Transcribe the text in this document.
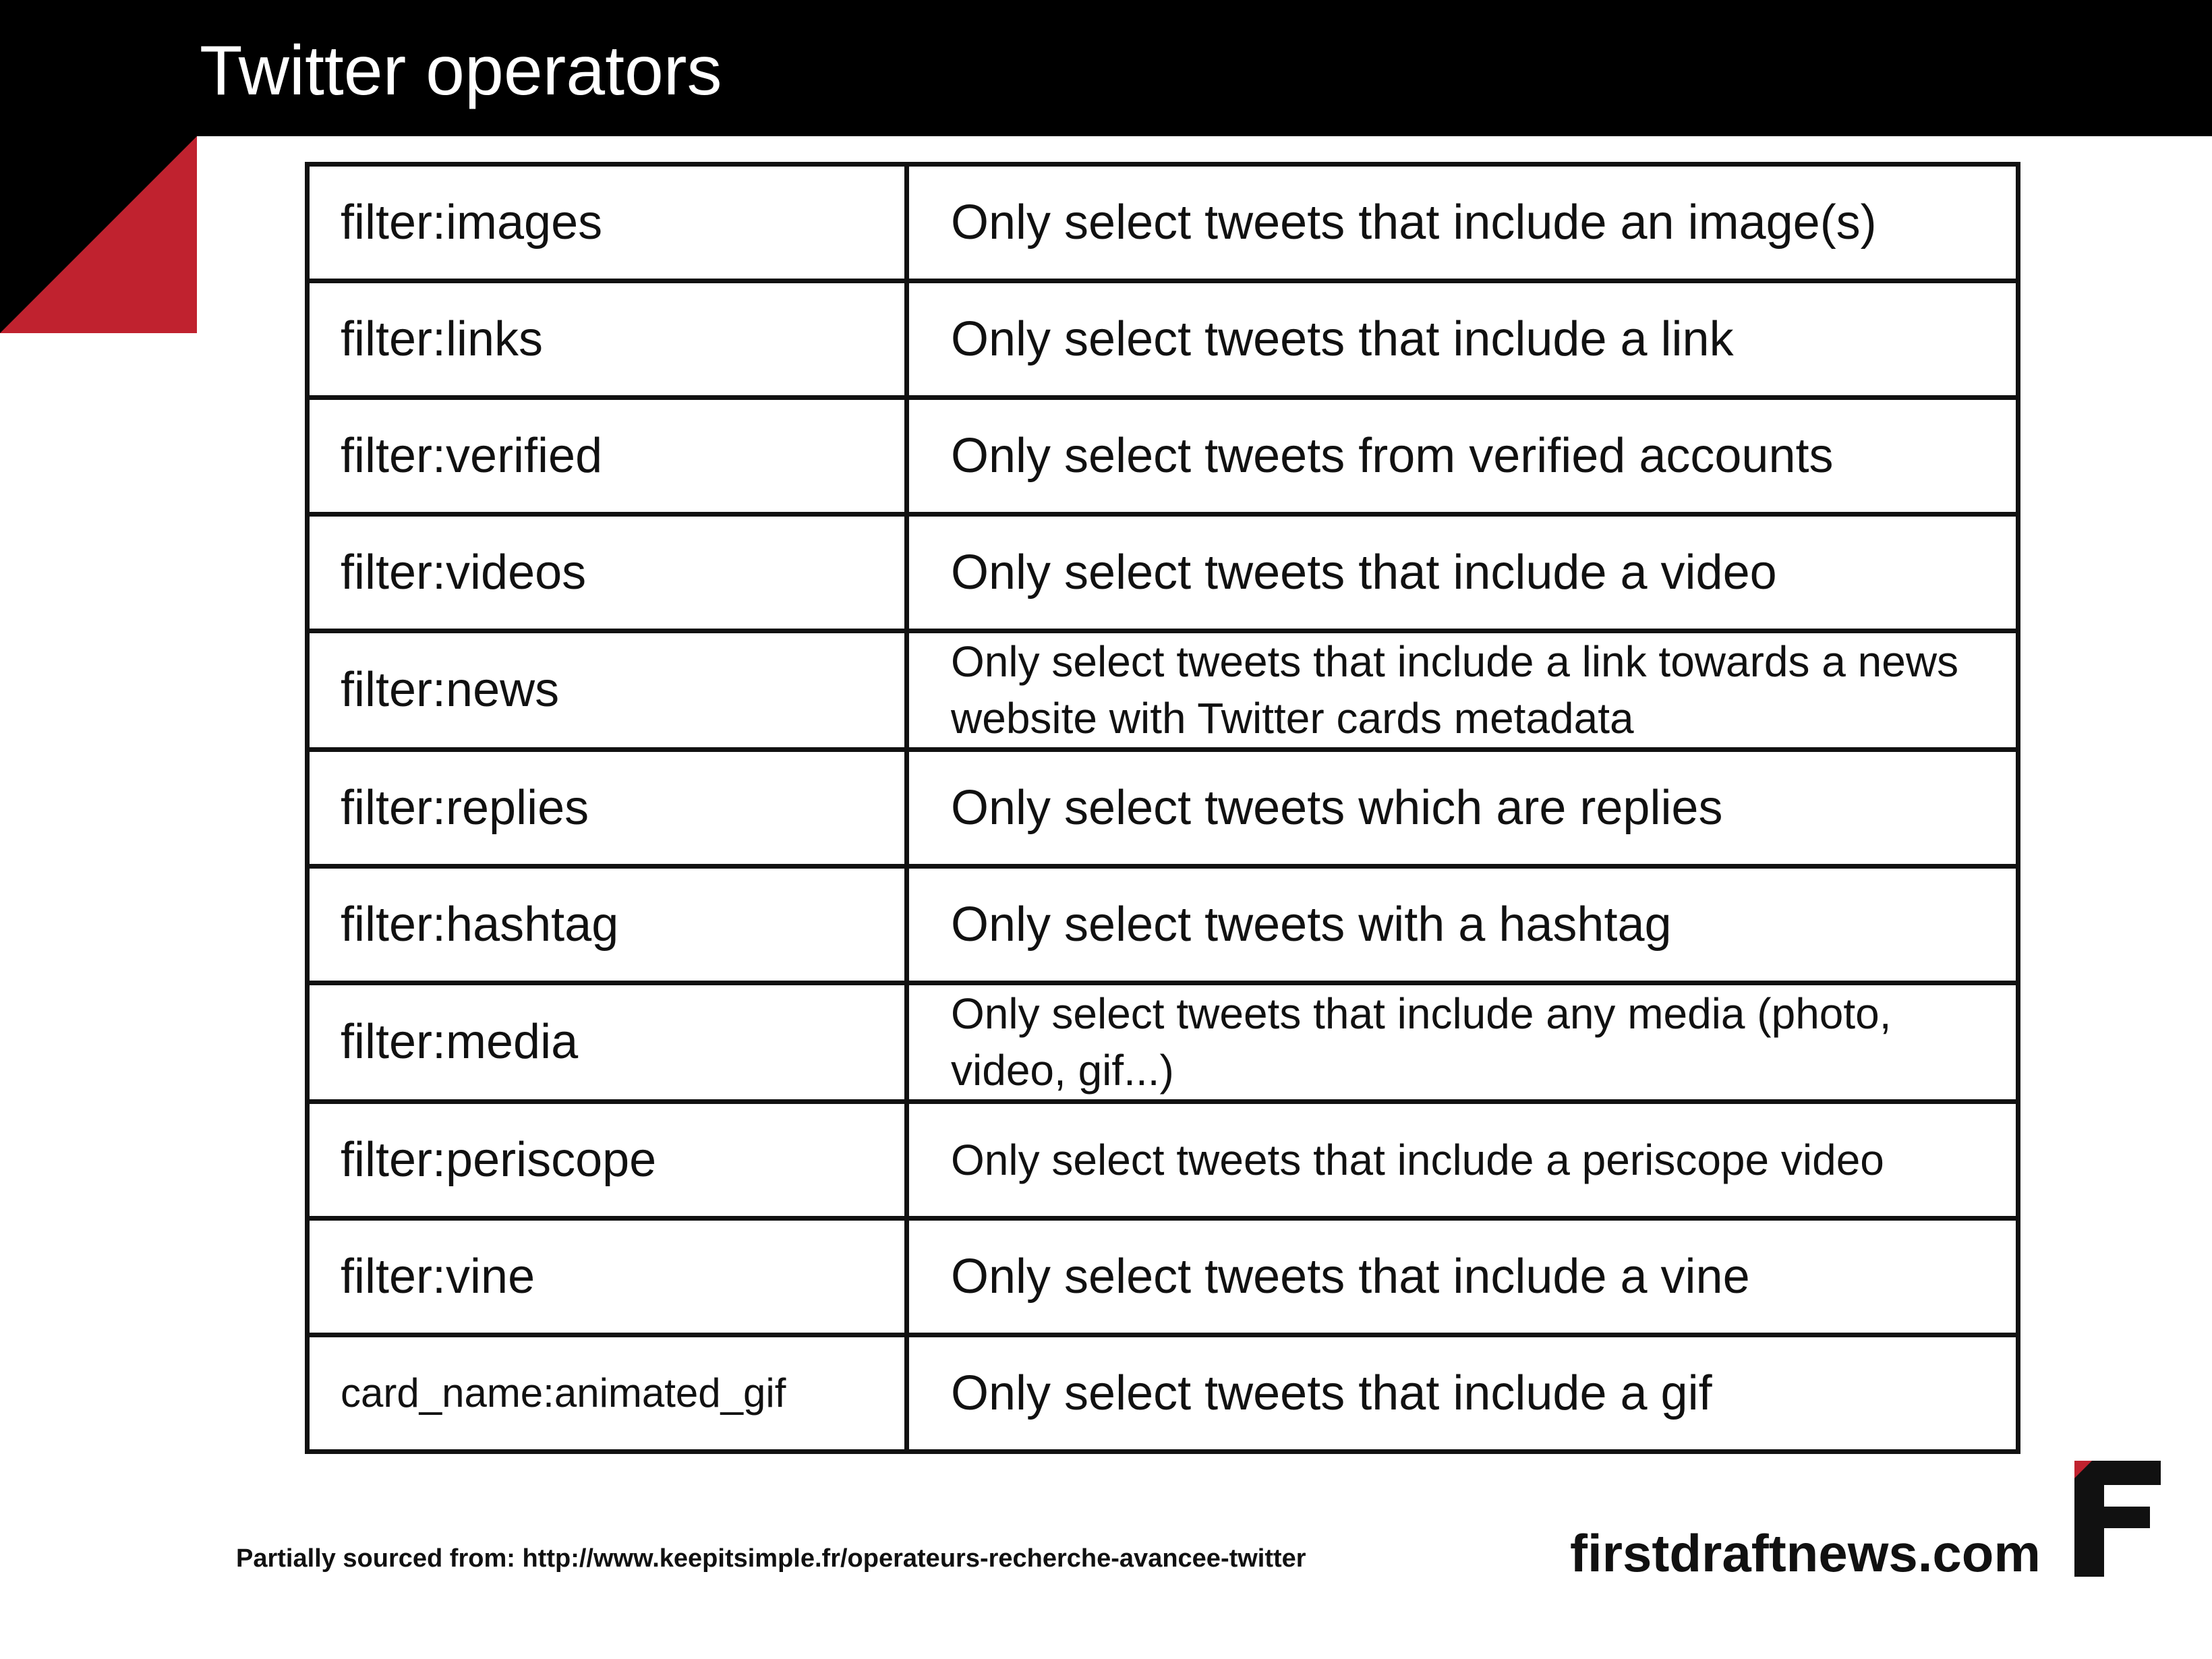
Twitter operators
filter:images	Only select tweets that include an image(s)
filter:links	Only select tweets that include a link
filter:verified	Only select tweets from verified accounts
filter:videos	Only select tweets that include a video
filter:news	Only select tweets that include a link towards a news website with Twitter cards metadata
filter:replies	Only select tweets which are replies
filter:hashtag	Only select tweets with a hashtag
filter:media	Only select tweets that include any media (photo, video, gif...)
filter:periscope	Only select tweets that include a periscope video
filter:vine	Only select tweets that include a vine
card_name:animated_gif	Only select tweets that include a gif
Partially sourced from: http://www.keepitsimple.fr/operateurs-recherche-avancee-twitter	firstdraftnews.com
